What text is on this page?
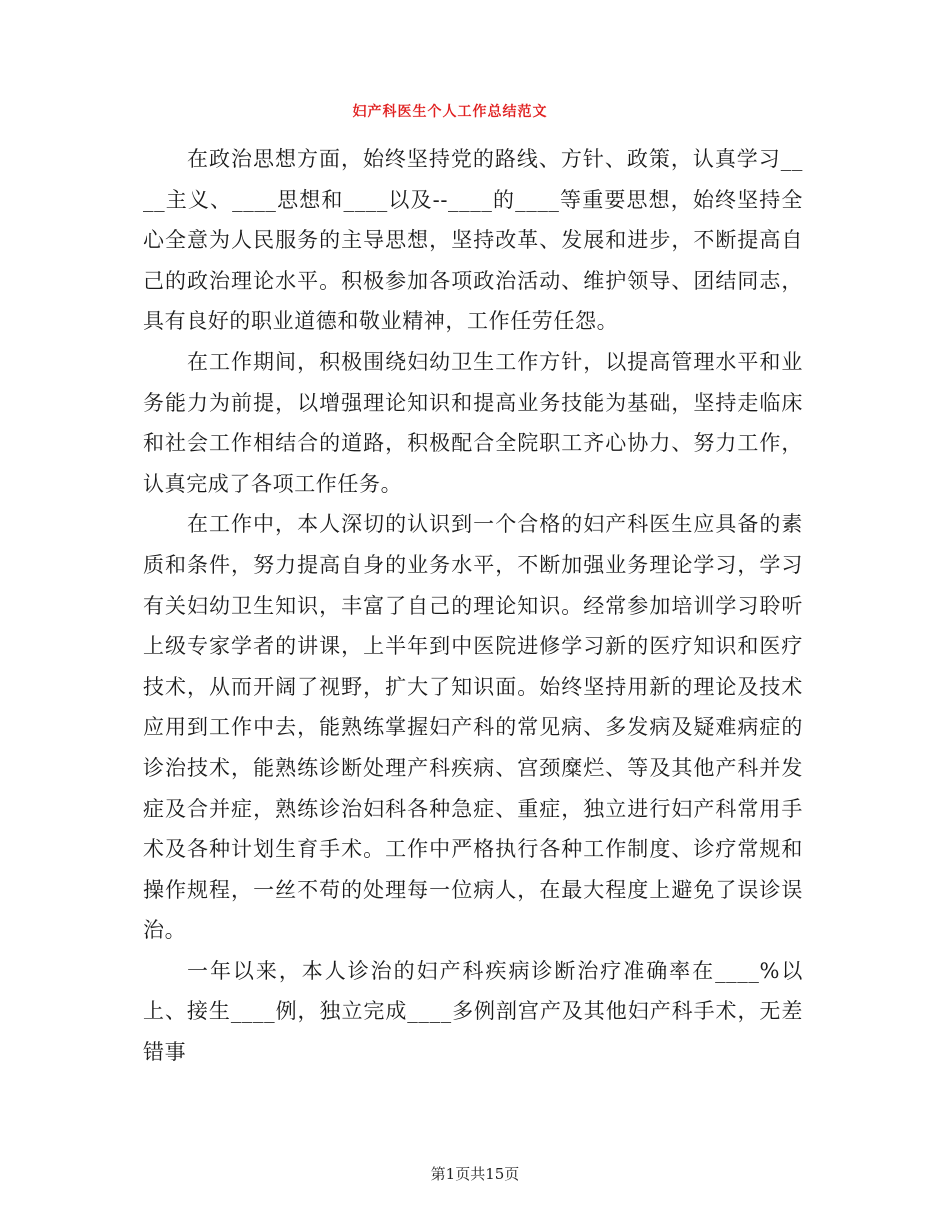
妇产科医生个人工作总结范文

在政治思想方面，始终坚持党的路线、方针、政策，认真学习____主义、____思想和____以及--____的____等重要思想，始终坚持全心全意为人民服务的主导思想，坚持改革、发展和进步，不断提高自己的政治理论水平。积极参加各项政治活动、维护领导、团结同志，具有良好的职业道德和敬业精神，工作任劳任怨。

在工作期间，积极围绕妇幼卫生工作方针，以提高管理水平和业务能力为前提，以增强理论知识和提高业务技能为基础，坚持走临床和社会工作相结合的道路，积极配合全院职工齐心协力、努力工作，认真完成了各项工作任务。

在工作中，本人深切的认识到一个合格的妇产科医生应具备的素质和条件，努力提高自身的业务水平，不断加强业务理论学习，学习有关妇幼卫生知识，丰富了自己的理论知识。经常参加培训学习聆听上级专家学者的讲课，上半年到中医院进修学习新的医疗知识和医疗技术，从而开阔了视野，扩大了知识面。始终坚持用新的理论及技术应用到工作中去，能熟练掌握妇产科的常见病、多发病及疑难病症的诊治技术，能熟练诊断处理产科疾病、宫颈糜烂、等及其他产科并发症及合并症，熟练诊治妇科各种急症、重症，独立进行妇产科常用手术及各种计划生育手术。工作中严格执行各种工作制度、诊疗常规和操作规程，一丝不苟的处理每一位病人，在最大程度上避免了误诊误治。

一年以来，本人诊治的妇产科疾病诊断治疗准确率在____%以上、接生____例，独立完成____多例剖宫产及其他妇产科手术，无差错事

第1页共15页
